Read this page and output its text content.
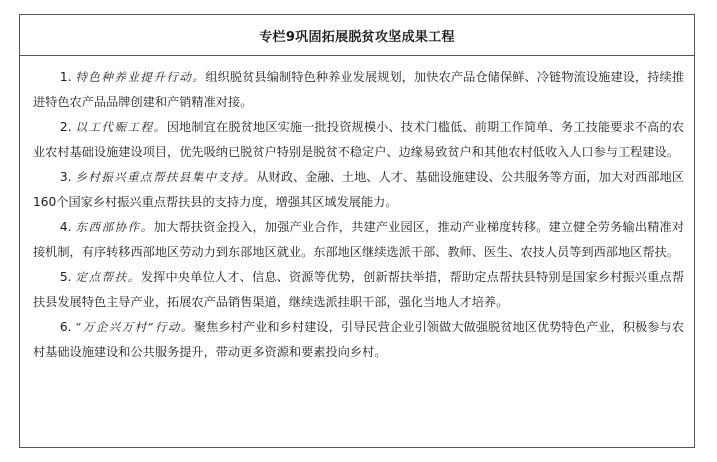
专栏9巩固拓展脱贫攻坚成果工程

1. 特色种养业提升行动。组织脱贫县编制特色种养业发展规划，加快农产品仓储保鲜、冷链物流设施建设，持续推进特色农产品品牌创建和产销精准对接。

2. 以工代赈工程。因地制宜在脱贫地区实施一批投资规模小、技术门槛低、前期工作简单、务工技能要求不高的农业农村基础设施建设项目，优先吸纳已脱贫户特别是脱贫不稳定户、边缘易致贫户和其他农村低收入人口参与工程建设。

3. 乡村振兴重点帮扶县集中支持。从财政、金融、土地、人才、基础设施建设、公共服务等方面，加大对西部地区160个国家乡村振兴重点帮扶县的支持力度，增强其区域发展能力。

4. 东西部协作。加大帮扶资金投入，加强产业合作，共建产业园区，推动产业梯度转移。建立健全劳务输出精准对接机制，有序转移西部地区劳动力到东部地区就业。东部地区继续选派干部、教师、医生、农技人员等到西部地区帮扶。

5. 定点帮扶。发挥中央单位人才、信息、资源等优势，创新帮扶举措，帮助定点帮扶县特别是国家乡村振兴重点帮扶县发展特色主导产业，拓展农产品销售渠道，继续选派挂职干部，强化当地人才培养。

6. “万企兴万村”行动。聚焦乡村产业和乡村建设，引导民营企业引领做大做强脱贫地区优势特色产业，积极参与农村基础设施建设和公共服务提升，带动更多资源和要素投向乡村。
